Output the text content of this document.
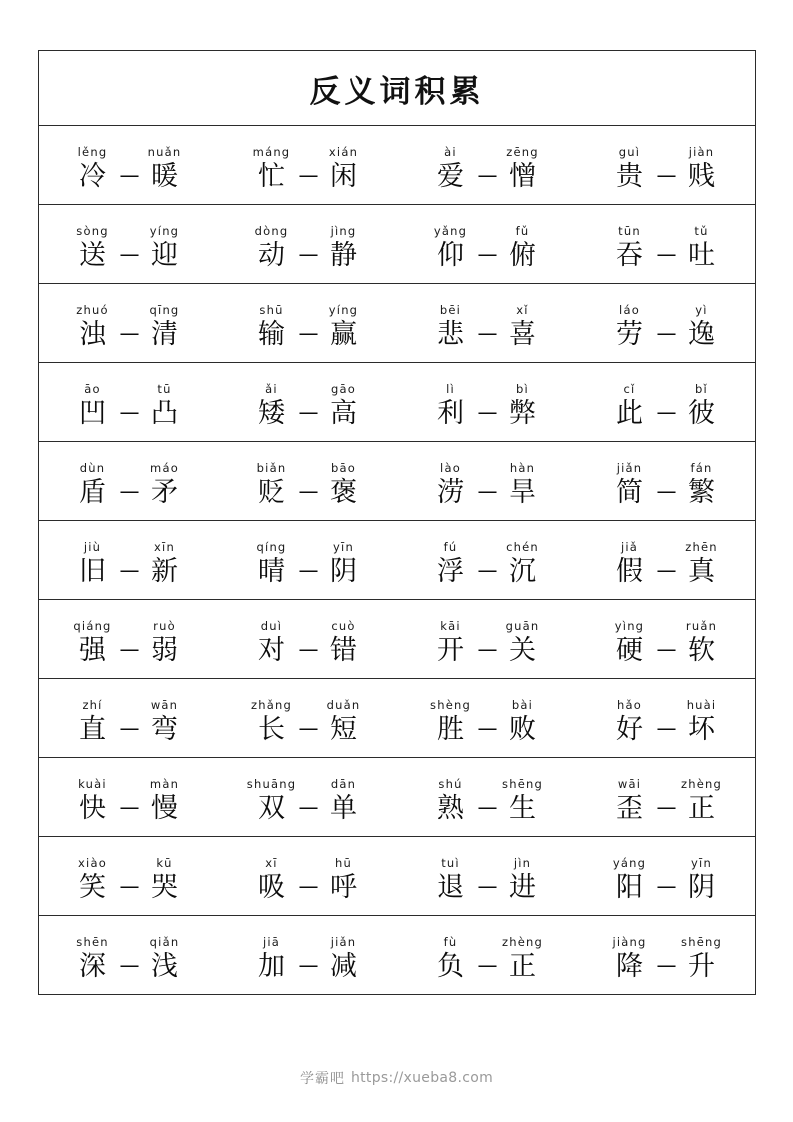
反义词积累
lěng
冷 —
nuǎn
暖
máng
忙 —
xián
闲
ài
爱 —
zēng
憎
guì
贵 —
jiàn
贱
sòng
送 —
yíng
迎
dòng
动 —
jìng
静
yǎng
仰 —
fǔ
俯
tūn
吞 —
tǔ
吐
zhuó
浊 —
qīng
清
shū
输 —
yíng
赢
bēi
悲 —
xǐ
喜
láo
劳 —
yì
逸
āo
凹 —
tū
凸
ǎi
矮 —
gāo
高
lì
利 —
bì
弊
cǐ
此 —
bǐ
彼
dùn
盾 —
máo
矛
biǎn
贬 —
bāo
褒
lào
涝 —
hàn
旱
jiǎn
简 —
fán
繁
jiù
旧 —
xīn
新
qíng
晴 —
yīn
阴
fú
浮 —
chén
沉
jiǎ
假 —
zhēn
真
qiáng
强 —
ruò
弱
duì
对 —
cuò
错
kāi
开 —
guān
关
yìng
硬 —
ruǎn
软
zhí
直 —
wān
弯
zhǎng
长 —
duǎn
短
shèng
胜 —
bài
败
hǎo
好 —
huài
坏
kuài
快 —
màn
慢
shuāng
双 —
dān
单
shú
熟 —
shēng
生
wāi
歪 —
zhèng
正
xiào
笑 —
kū
哭
xī
吸 —
hū
呼
tuì
退 —
jìn
进
yáng
阳 —
yīn
阴
shēn
深 —
qiǎn
浅
jiā
加 —
jiǎn
减
fù
负 —
zhèng
正
jiàng
降 —
shēng
升
学霸吧 https://xueba8.com
